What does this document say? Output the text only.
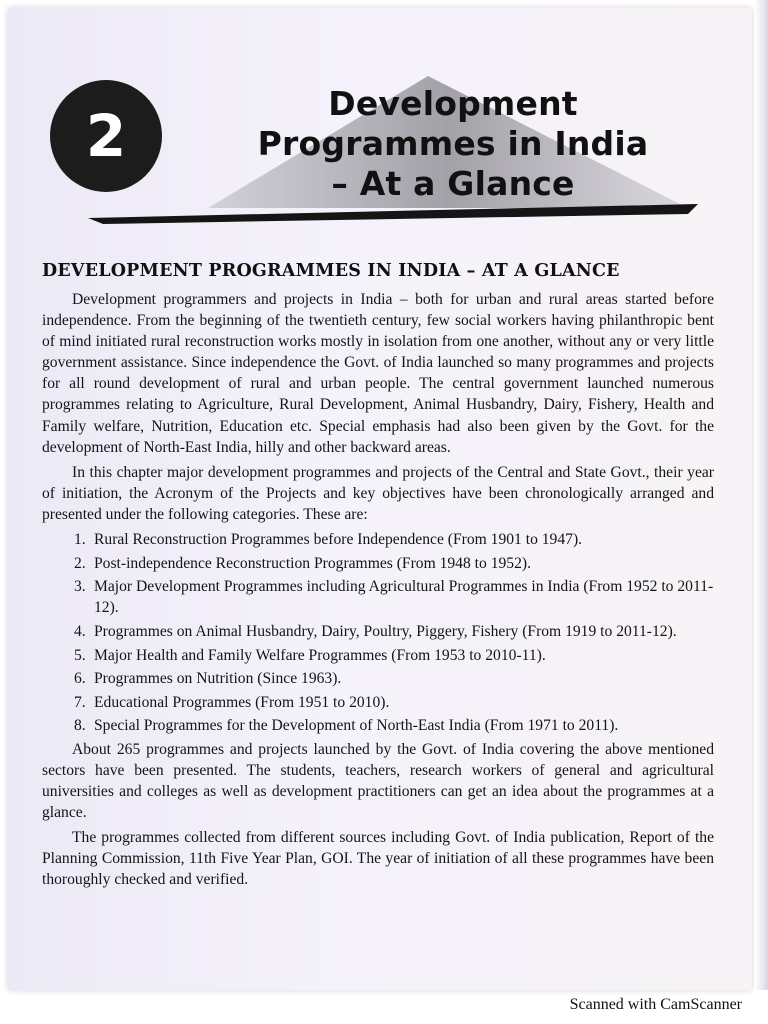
2	Development
Programmes in India
– At a Glance
DEVELOPMENT PROGRAMMES IN INDIA – AT A GLANCE

Development programmers and projects in India – both for urban and rural areas started before independence. From the beginning of the twentieth century, few social workers having philanthropic bent of mind initiated rural reconstruction works mostly in isolation from one another, without any or very little government assistance. Since independence the Govt. of India launched so many programmes and projects for all round development of rural and urban people. The central government launched numerous programmes relating to Agriculture, Rural Development, Animal Husbandry, Dairy, Fishery, Health and Family welfare, Nutrition, Education etc. Special emphasis had also been given by the Govt. for the development of North-East India, hilly and other backward areas.

In this chapter major development programmes and projects of the Central and State Govt., their year of initiation, the Acronym of the Projects and key objectives have been chronologically arranged and presented under the following categories. These are:

1. Rural Reconstruction Programmes before Independence (From 1901 to 1947).
2. Post-independence Reconstruction Programmes (From 1948 to 1952).
3. Major Development Programmes including Agricultural Programmes in India (From 1952 to 2011-12).
4. Programmes on Animal Husbandry, Dairy, Poultry, Piggery, Fishery (From 1919 to 2011-12).
5. Major Health and Family Welfare Programmes (From 1953 to 2010-11).
6. Programmes on Nutrition (Since 1963).
7. Educational Programmes (From 1951 to 2010).
8. Special Programmes for the Development of North-East India (From 1971 to 2011).

About 265 programmes and projects launched by the Govt. of India covering the above mentioned sectors have been presented. The students, teachers, research workers of general and agricultural universities and colleges as well as development practitioners can get an idea about the programmes at a glance.

The programmes collected from different sources including Govt. of India publication, Report of the Planning Commission, 11th Five Year Plan, GOI. The year of initiation of all these programmes have been thoroughly checked and verified.

Scanned with CamScanner
